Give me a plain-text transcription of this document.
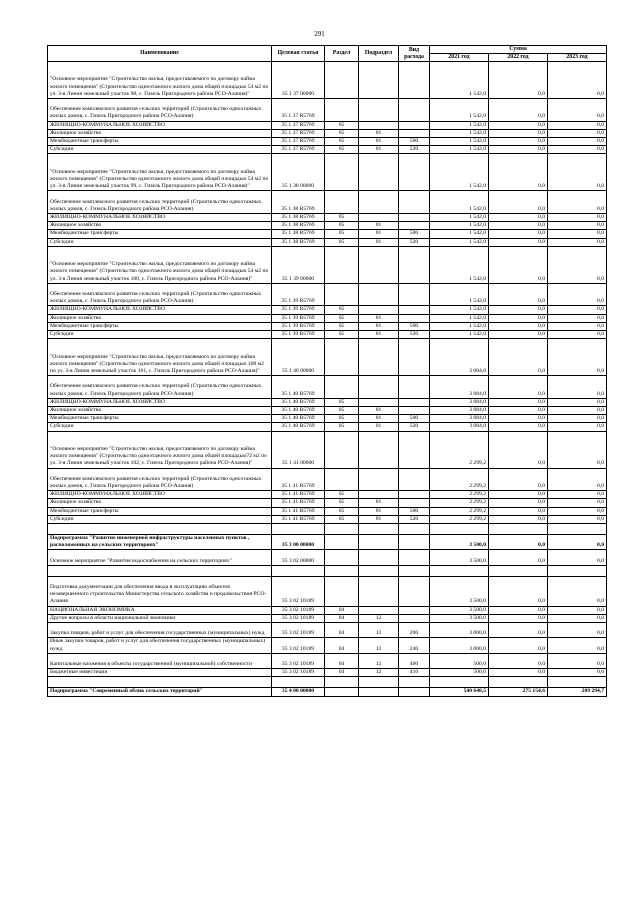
291
Наименование	Целевая статья	Раздел	Подраздел	Вид расхода	Сумма		
					2021 год	2022 год	2023 год
"Основное мероприятие "Строительство жилья, предоставляемого по договору найма жилого помещения" (Строительство одноэтажного жилого дома общей площадью 54 м2 по ул. 3-я Линия земельный участок 98, с. Гизель Пригородного района РСО-Алания)"	35 1 37 00000				1 542,0	0,0	0,0
Обеспечение комплексного развития сельских территорий (Строительство одноэтажных жилых домов, с. Гизель Пригородного района РСО-Алания)	35 1 37 R5769				1 542,0	0,0	0,0
ЖИЛИЩНО-КОММУНАЛЬНОЕ ХОЗЯЙСТВО	35 1 37 R5769	05			1 542,0	0,0	0,0
Жилищное хозяйство	35 1 37 R5769	05	01		1 542,0	0,0	0,0
Межбюджетные трансферты	35 1 37 R5769	05	01	500	1 542,0	0,0	0,0
Субсидии	35 1 37 R5769	05	01	520	1 542,0	0,0	0,0
"Основное мероприятие "Строительство жилья, предоставляемого по договору найма жилого помещения" (Строительство одноэтажного жилого дома общей площадью 54 м2 по ул. 3-я Линия земельный участок 99, с. Гизель Пригородного района РСО-Алания)"	35 1 38 00000				1 542,0	0,0	0,0
Обеспечение комплексного развития сельских территорий (Строительство одноэтажных жилых домов, с. Гизель Пригородного района РСО-Алания)	35 1 38 R5769				1 542,0	0,0	0,0
ЖИЛИЩНО-КОММУНАЛЬНОЕ ХОЗЯЙСТВО	35 1 38 R5769	05			1 542,0	0,0	0,0
Жилищное хозяйство	35 1 38 R5769	05	01		1 542,0	0,0	0,0
Межбюджетные трансферты	35 1 38 R5769	05	01	500	1 542,0	0,0	0,0
Субсидии	35 1 38 R5769	05	01	520	1 542,0	0,0	0,0
"Основное мероприятие "Строительство жилья, предоставляемого по договору найма жилого помещения" (Строительство одноэтажного жилого дома общей площадью 54 м2 по ул. 3-я Линия земельный участок 100, с. Гизель Пригородного района РСО-Алания)"	35 1 39 00000				1 542,0	0,0	0,0
Обеспечение комплексного развития сельских территорий (Строительство одноэтажных жилых домов, с. Гизель Пригородного района РСО-Алания)	35 1 39 R5769				1 542,0	0,0	0,0
ЖИЛИЩНО-КОММУНАЛЬНОЕ ХОЗЯЙСТВО	35 1 39 R5769	05			1 542,0	0,0	0,0
Жилищное хозяйство	35 1 39 R5769	05	01		1 542,0	0,0	0,0
Межбюджетные трансферты	35 1 39 R5769	05	01	500	1 542,0	0,0	0,0
Субсидии	35 1 39 R5769	05	01	520	1 542,0	0,0	0,0
"Основное мероприятие "Строительство жилья, предоставляемого по договору найма жилого помещения" (Строительство одноэтажного жилого дома общей площадью 108 м2 по ул. 3-я Линия земельный участок 101, с. Гизель Пригородного района РСО-Алания)"	35 1 40 00000				3 084,0	0,0	0,0
Обеспечение комплексного развития сельских территорий (Строительство одноэтажных жилых домов, с. Гизель Пригородного района РСО-Алания)	35 1 40 R5769				3 084,0	0,0	0,0
ЖИЛИЩНО-КОММУНАЛЬНОЕ ХОЗЯЙСТВО	35 1 40 R5769	05			3 084,0	0,0	0,0
Жилищное хозяйство	35 1 40 R5769	05	01		3 084,0	0,0	0,0
Межбюджетные трансферты	35 1 40 R5769	05	01	500	3 084,0	0,0	0,0
Субсидии	35 1 40 R5769	05	01	520	3 084,0	0,0	0,0
"Основное мероприятие "Строительство жилья, предоставляемого по договору найма жилого помещения" (Строительство одноэтажного жилого дома общей площадью72 м2 по ул. 3-я Линия земельный участок 102, с. Гизель Пригородного района РСО-Алания)"	35 1 41 00000				2 299,2	0,0	0,0
Обеспечение комплексного развития сельских территорий (Строительство одноэтажных жилых домов, с. Гизель Пригородного района РСО-Алания)	35 1 41 R5769				2 299,2	0,0	0,0
ЖИЛИЩНО-КОММУНАЛЬНОЕ ХОЗЯЙСТВО	35 1 41 R5769	05			2 299,2	0,0	0,0
Жилищное хозяйство	35 1 41 R5769	05	01		2 299,2	0,0	0,0
Межбюджетные трансферты	35 1 41 R5769	05	01	500	2 299,2	0,0	0,0
Субсидии	35 1 41 R5769	05	01	520	2 299,2	0,0	0,0

Подпрограмма "Развитие инженерной инфраструктуры населенных пунктов , расположенных на сельских территориях"	35 3 00 00000				3 500,0	0,0	0,0
Основное мероприятие "Развития водоснабжения на сельских территориях"	35 3 02 00000				3 500,0	0,0	0,0

Подготовка документации для обеспечения ввода в эксплуатацию объектов незавершенного строительства Министерства сельского хозяйства и продовольствия РСО-Алания	35 3 02 10189				3 500,0	0,0	0,0
НАЦИОНАЛЬНАЯ ЭКОНОМИКА	35 3 02 10189	04			3 500,0	0,0	0,0
Другие вопросы в области национальной экономики	35 3 02 10189	04	12		3 500,0	0,0	0,0
Закупка товаров, работ и услуг для обеспечения государственных (муниципальных) нужд	35 3 02 10189	04	12	200	3 000,0	0,0	0,0
Иные закупки товаров, работ и услуг для обеспечения государственных (муниципальных) нужд	35 3 02 10189	04	12	240	3 000,0	0,0	0,0
Капитальные вложения в объекты государственной (муниципальной) собственности	35 3 02 10189	04	12	400	500,0	0,0	0,0
Бюджетные инвестиции	35 3 02 10189	04	12	410	500,0	0,0	0,0

Подпрограмма "Современный облик сельских территорий"	35 4 00 00000				540 648,5	275 154,6	209 294,7
